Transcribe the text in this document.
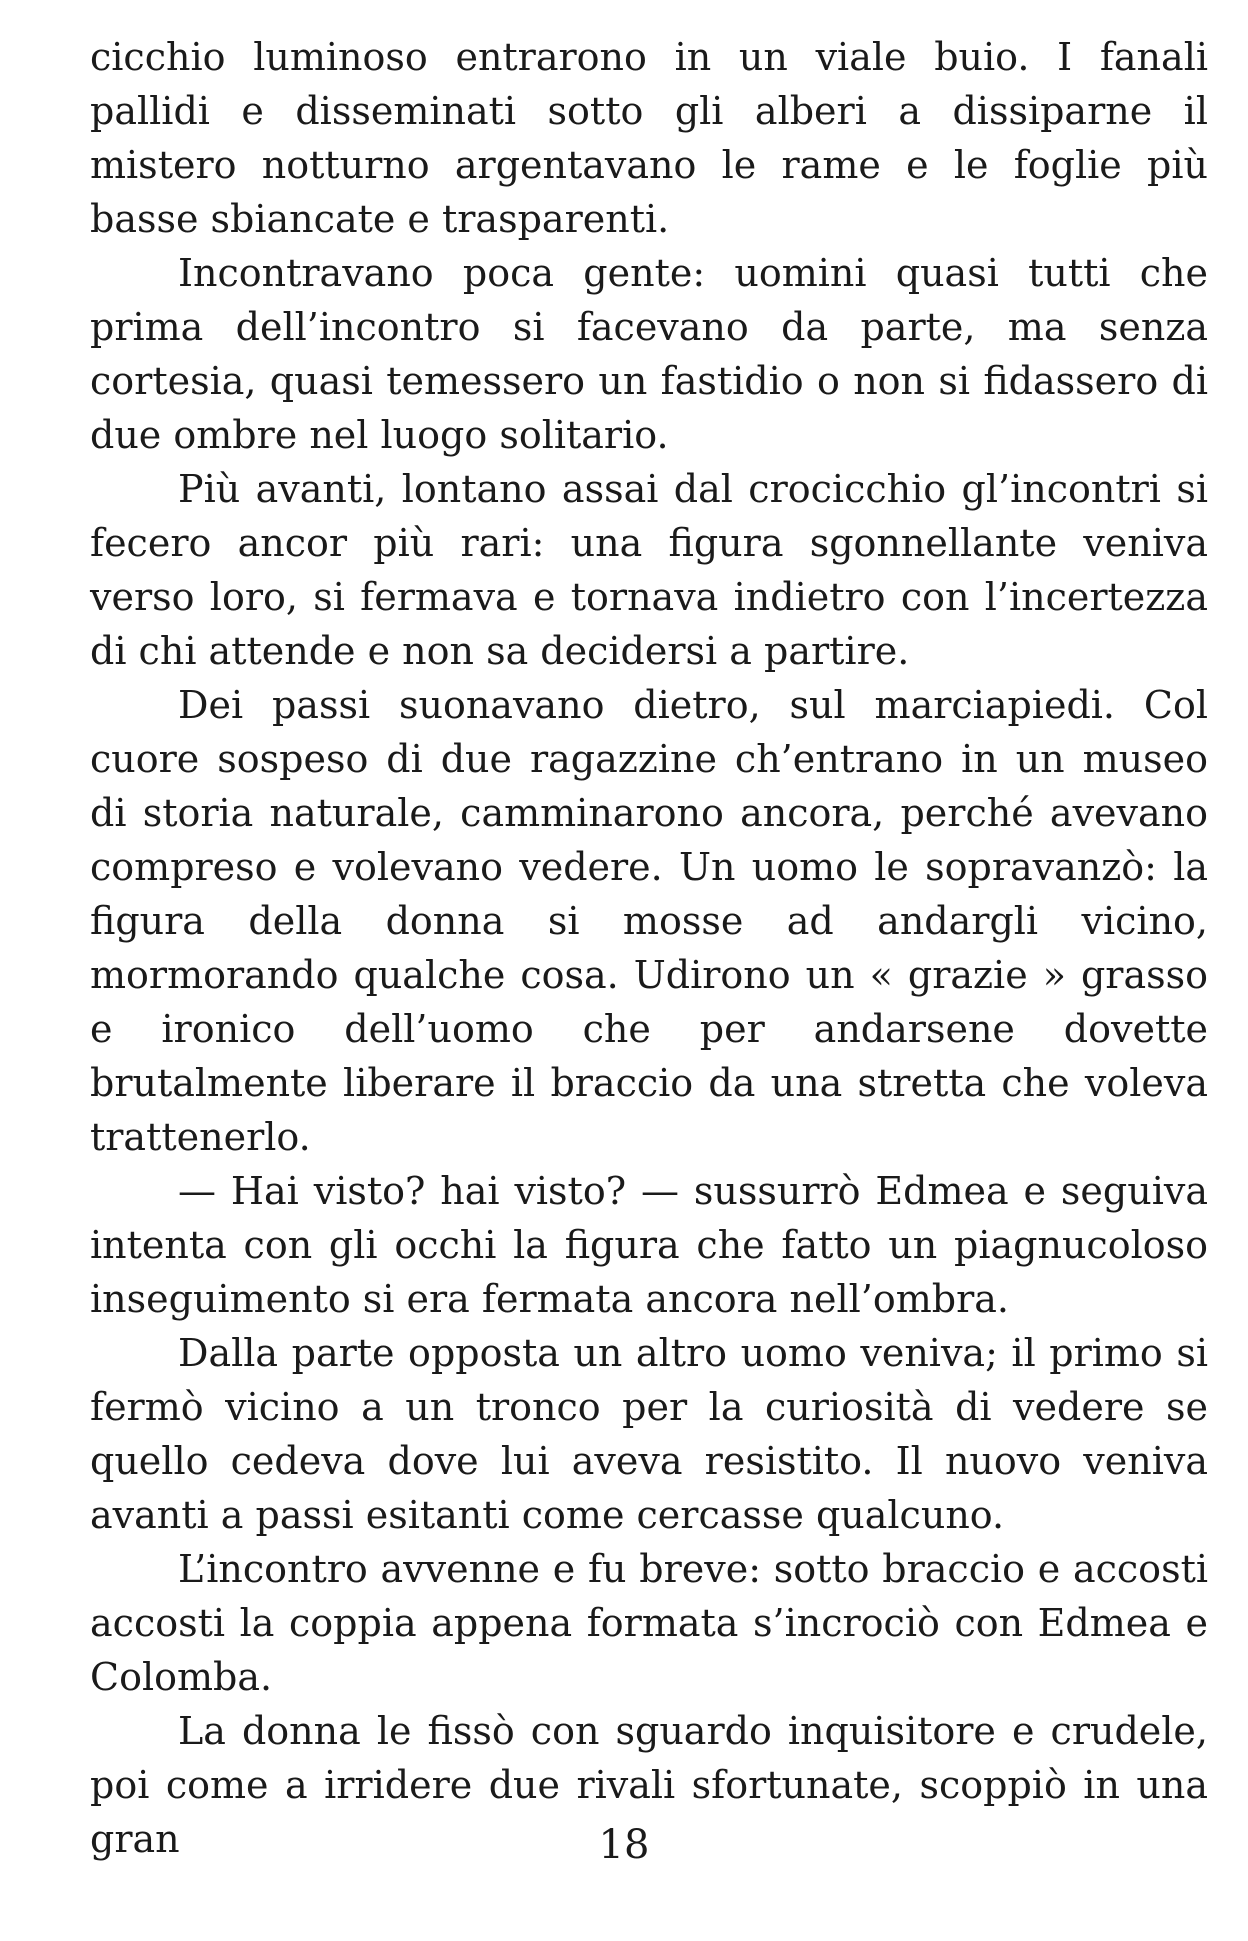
cicchio luminoso entrarono in un viale buio. I fanali pallidi e disseminati sotto gli alberi a dissiparne il mistero notturno argentavano le rame e le foglie più basse sbiancate e trasparenti.

Incontravano poca gente: uomini quasi tutti che prima dell’incontro si facevano da parte, ma senza cortesia, quasi temessero un fastidio o non si fidassero di due ombre nel luogo solitario.

Più avanti, lontano assai dal crocicchio gl’incontri si fecero ancor più rari: una figura sgonnellante veniva verso loro, si fermava e tornava indietro con l’incertezza di chi attende e non sa decidersi a partire.

Dei passi suonavano dietro, sul marciapiedi. Col cuore sospeso di due ragazzine ch’entrano in un museo di storia naturale, camminarono ancora, perché avevano compreso e volevano vedere. Un uomo le sopravanzò: la figura della donna si mosse ad andargli vicino, mormorando qualche cosa. Udirono un « grazie » grasso e ironico dell’uomo che per andarsene dovette brutalmente liberare il braccio da una stretta che voleva trattenerlo.

— Hai visto? hai visto? — sussurrò Edmea e seguiva intenta con gli occhi la figura che fatto un piagnucoloso inseguimento si era fermata ancora nell’ombra.

Dalla parte opposta un altro uomo veniva; il primo si fermò vicino a un tronco per la curiosità di vedere se quello cedeva dove lui aveva resistito. Il nuovo veniva avanti a passi esitanti come cercasse qualcuno.

L’incontro avvenne e fu breve: sotto braccio e accosti accosti la coppia appena formata s’incrociò con Edmea e Colomba.

La donna le fissò con sguardo inquisitore e crudele, poi come a irridere due rivali sfortunate, scoppiò in una gran	18
